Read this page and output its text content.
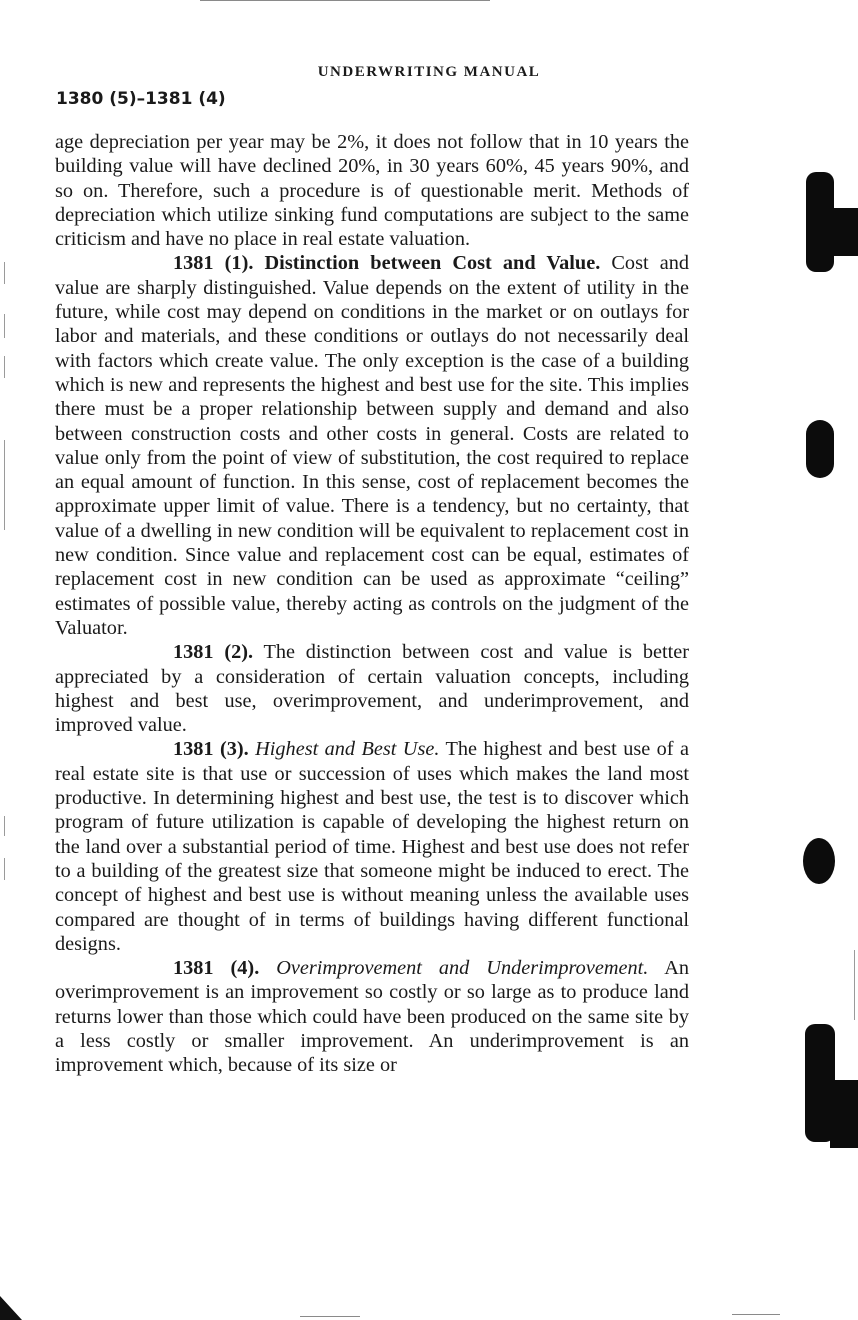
UNDERWRITING MANUAL
1380 (5)–1381 (4)

age depreciation per year may be 2%, it does not follow that in 10 years the building value will have declined 20%, in 30 years 60%, 45 years 90%, and so on. Therefore, such a procedure is of questionable merit. Methods of depreciation which utilize sinking fund computations are subject to the same criticism and have no place in real estate valuation.

1381 (1). Distinction between Cost and Value. Cost and value are sharply distinguished. Value depends on the extent of utility in the future, while cost may depend on conditions in the market or on outlays for labor and materials, and these conditions or outlays do not necessarily deal with factors which create value. The only exception is the case of a building which is new and represents the highest and best use for the site. This implies there must be a proper relationship between supply and demand and also between construction costs and other costs in general. Costs are related to value only from the point of view of substitution, the cost required to replace an equal amount of function. In this sense, cost of replacement becomes the approximate upper limit of value. There is a tendency, but no certainty, that value of a dwelling in new condition will be equivalent to replacement cost in new condition. Since value and replacement cost can be equal, estimates of replacement cost in new condition can be used as approximate “ceiling” estimates of possible value, thereby acting as controls on the judgment of the Valuator.

1381 (2). The distinction between cost and value is better appreciated by a consideration of certain valuation concepts, including highest and best use, overimprovement, and underimprovement, and improved value.

1381 (3). Highest and Best Use. The highest and best use of a real estate site is that use or succession of uses which makes the land most productive. In determining highest and best use, the test is to discover which program of future utilization is capable of developing the highest return on the land over a substantial period of time. Highest and best use does not refer to a building of the greatest size that someone might be induced to erect. The concept of highest and best use is without meaning unless the available uses compared are thought of in terms of buildings having different functional designs.

1381 (4). Overimprovement and Underimprovement. An overimprovement is an improvement so costly or so large as to produce land returns lower than those which could have been produced on the same site by a less costly or smaller improvement. An underimprovement is an improvement which, because of its size or
